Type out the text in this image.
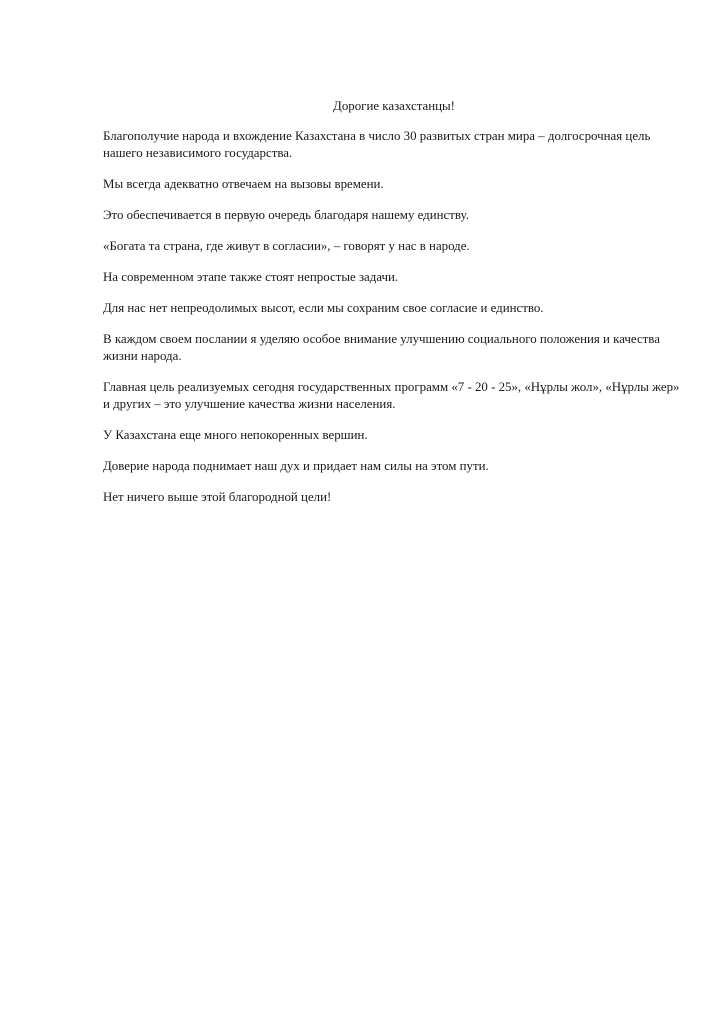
Дорогие казахстанцы!

Благополучие народа и вхождение Казахстана в число 30 развитых стран мира – долгосрочная цель нашего независимого государства.

Мы всегда адекватно отвечаем на вызовы времени.

Это обеспечивается в первую очередь благодаря нашему единству.

«Богата та страна, где живут в согласии», – говорят у нас в народе.

На современном этапе также стоят непростые задачи.

Для нас нет непреодолимых высот, если мы сохраним свое согласие и единство.

В каждом своем послании я уделяю особое внимание улучшению социального положения и качества жизни народа.

Главная цель реализуемых сегодня государственных программ «7 - 20 - 25», «Нұрлы жол», «Нұрлы жер» и других – это улучшение качества жизни населения.

У Казахстана еще много непокоренных вершин.

Доверие народа поднимает наш дух и придает нам силы на этом пути.

Нет ничего выше этой благородной цели!
